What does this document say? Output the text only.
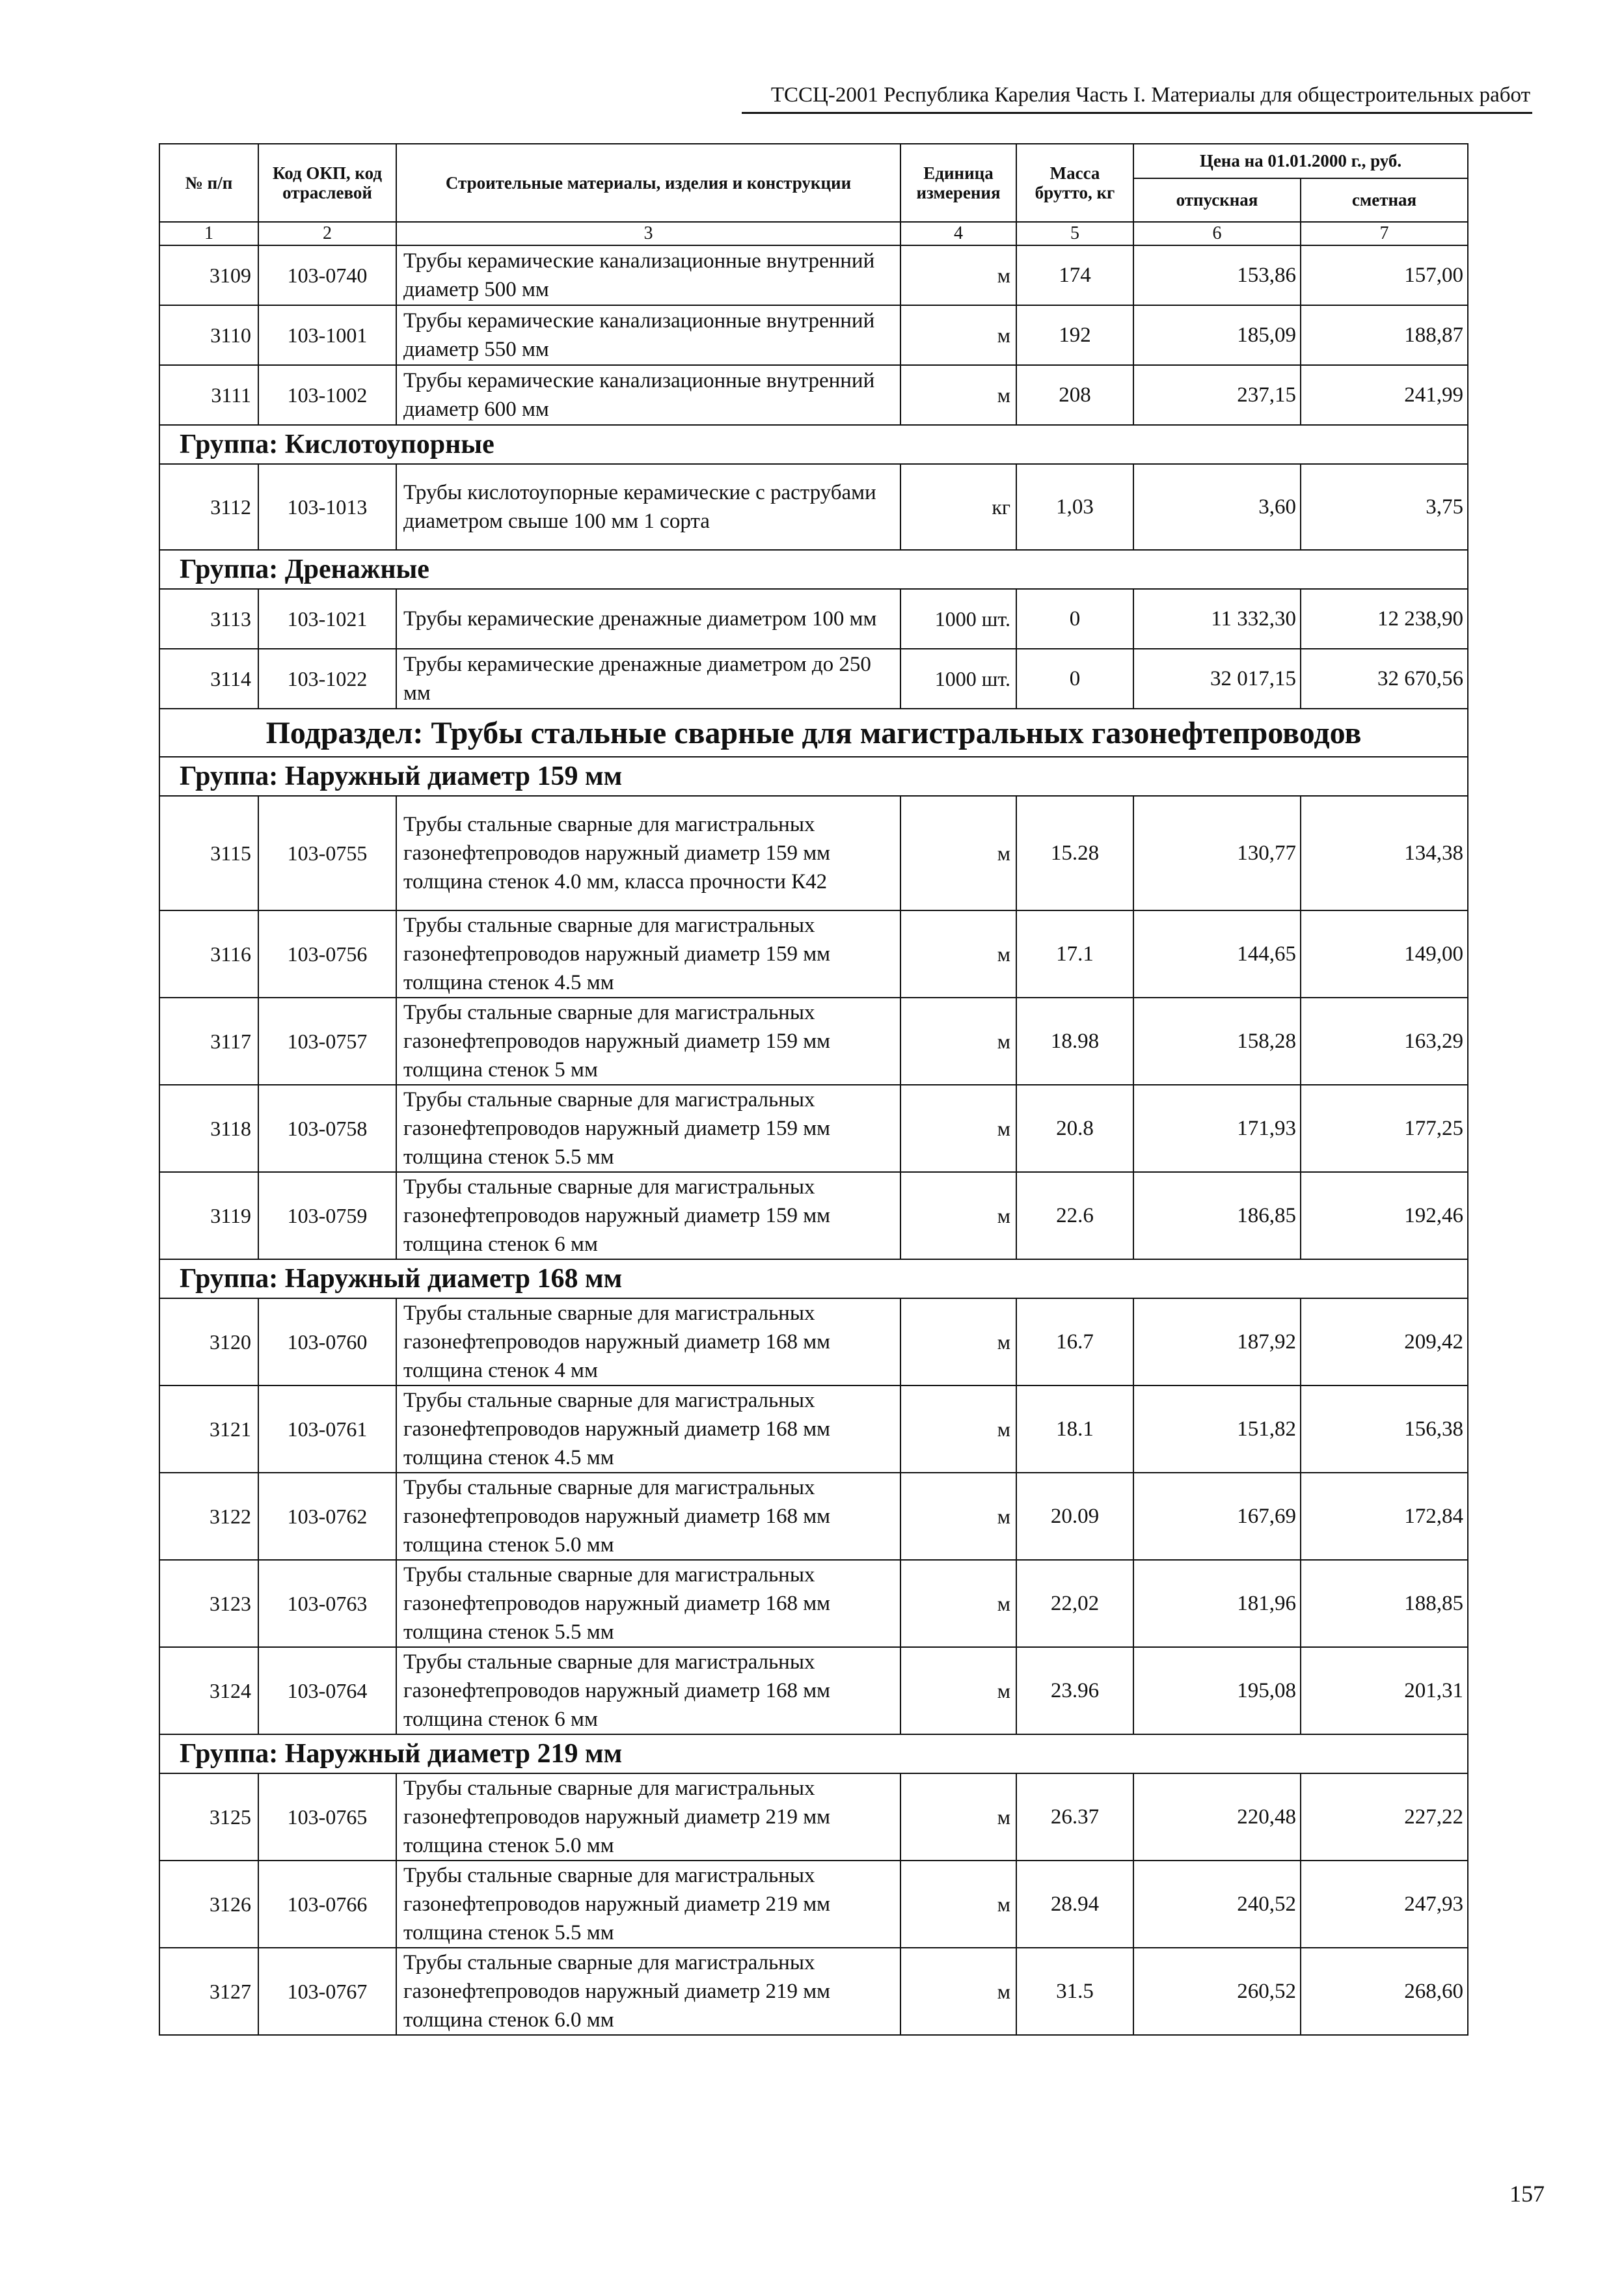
ТССЦ-2001 Республика Карелия Часть I. Материалы для общестроительных работ
№ п/п	Код ОКП, код отраслевой	Строительные материалы, изделия и конструкции	Единица измерения	Масса брутто, кг	Цена на 01.01.2000 г., руб.	
					отпускная	сметная
1	2	3	4	5	6	7
3109	103-0740	Трубы керамические канализационные внутренний диаметр 500 мм	м	174	153,86	157,00
3110	103-1001	Трубы керамические канализационные внутренний диаметр 550 мм	м	192	185,09	188,87
3111	103-1002	Трубы керамические канализационные внутренний диаметр 600 мм	м	208	237,15	241,99
Группа: Кислотоупорные						
3112	103-1013	Трубы кислотоупорные керамические с раструбами диаметром свыше 100 мм 1 сорта	кг	1,03	3,60	3,75
Группа: Дренажные						
3113	103-1021	Трубы керамические дренажные диаметром 100 мм	1000 шт.	0	11 332,30	12 238,90
3114	103-1022	Трубы керамические дренажные диаметром до 250 мм	1000 шт.	0	32 017,15	32 670,56
Подраздел: Трубы стальные сварные для магистральных газонефтепроводов						
Группа: Наружный диаметр 159 мм						
3115	103-0755	Трубы стальные сварные для магистральных газонефтепроводов наружный диаметр 159 мм толщина стенок 4.0 мм, класса прочности К42	м	15.28	130,77	134,38
3116	103-0756	Трубы стальные сварные для магистральных газонефтепроводов наружный диаметр 159 мм толщина стенок 4.5 мм	м	17.1	144,65	149,00
3117	103-0757	Трубы стальные сварные для магистральных газонефтепроводов наружный диаметр 159 мм толщина стенок 5 мм	м	18.98	158,28	163,29
3118	103-0758	Трубы стальные сварные для магистральных газонефтепроводов наружный диаметр 159 мм толщина стенок 5.5 мм	м	20.8	171,93	177,25
3119	103-0759	Трубы стальные сварные для магистральных газонефтепроводов наружный диаметр 159 мм толщина стенок 6 мм	м	22.6	186,85	192,46
Группа: Наружный диаметр 168 мм						
3120	103-0760	Трубы стальные сварные для магистральных газонефтепроводов наружный диаметр 168 мм толщина стенок 4 мм	м	16.7	187,92	209,42
3121	103-0761	Трубы стальные сварные для магистральных газонефтепроводов наружный диаметр 168 мм толщина стенок 4.5 мм	м	18.1	151,82	156,38
3122	103-0762	Трубы стальные сварные для магистральных газонефтепроводов наружный диаметр 168 мм толщина стенок 5.0 мм	м	20.09	167,69	172,84
3123	103-0763	Трубы стальные сварные для магистральных газонефтепроводов наружный диаметр 168 мм толщина стенок 5.5 мм	м	22,02	181,96	188,85
3124	103-0764	Трубы стальные сварные для магистральных газонефтепроводов наружный диаметр 168 мм толщина стенок 6 мм	м	23.96	195,08	201,31
Группа: Наружный диаметр 219 мм						
3125	103-0765	Трубы стальные сварные для магистральных газонефтепроводов наружный диаметр 219 мм толщина стенок 5.0 мм	м	26.37	220,48	227,22
3126	103-0766	Трубы стальные сварные для магистральных газонефтепроводов наружный диаметр 219 мм толщина стенок 5.5 мм	м	28.94	240,52	247,93
3127	103-0767	Трубы стальные сварные для магистральных газонефтепроводов наружный диаметр 219 мм толщина стенок 6.0 мм	м	31.5	260,52	268,60
157
